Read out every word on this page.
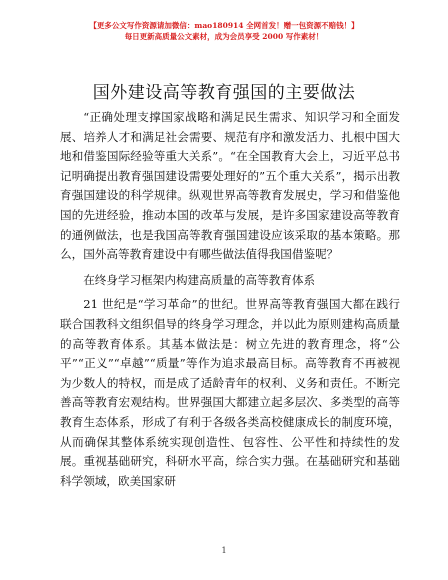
【更多公文写作资源请加微信：mao180914 全网首发！赠一包资源不赔钱！】
每日更新高质量公文素材，成为会员享受 2000 写作素材！
国外建设高等教育强国的主要做法

“正确处理支撑国家战略和满足民生需求、知识学习和全面发展、培养人才和满足社会需要、规范有序和激发活力、扎根中国大地和借鉴国际经验等重大关系”。“在全国教育大会上，习近平总书记明确提出教育强国建设需要处理好的”五个重大关系”，揭示出教育强国建设的科学规律。纵观世界高等教育发展史，学习和借鉴他国的先进经验，推动本国的改革与发展，是许多国家建设高等教育的通例做法，也是我国高等教育强国建设应该采取的基本策略。那么，国外高等教育建设中有哪些做法值得我国借鉴呢？

在终身学习框架内构建高质量的高等教育体系

21 世纪是“学习革命”的世纪。世界高等教育强国大都在践行联合国教科文组织倡导的终身学习理念，并以此为原则建构高质量的高等教育体系。其基本做法是：树立先进的教育理念，将“公平”“正义”“卓越”“质量”等作为追求最高目标。高等教育不再被视为少数人的特权，而是成了适龄青年的权利、义务和责任。不断完善高等教育宏观结构。世界强国大都建立起多层次、多类型的高等教育生态体系，形成了有利于各级各类高校健康成长的制度环境，从而确保其整体系统实现创造性、包容性、公平性和持续性的发展。重视基础研究，科研水平高，综合实力强。在基础研究和基础科学领域，欧美国家研

1
